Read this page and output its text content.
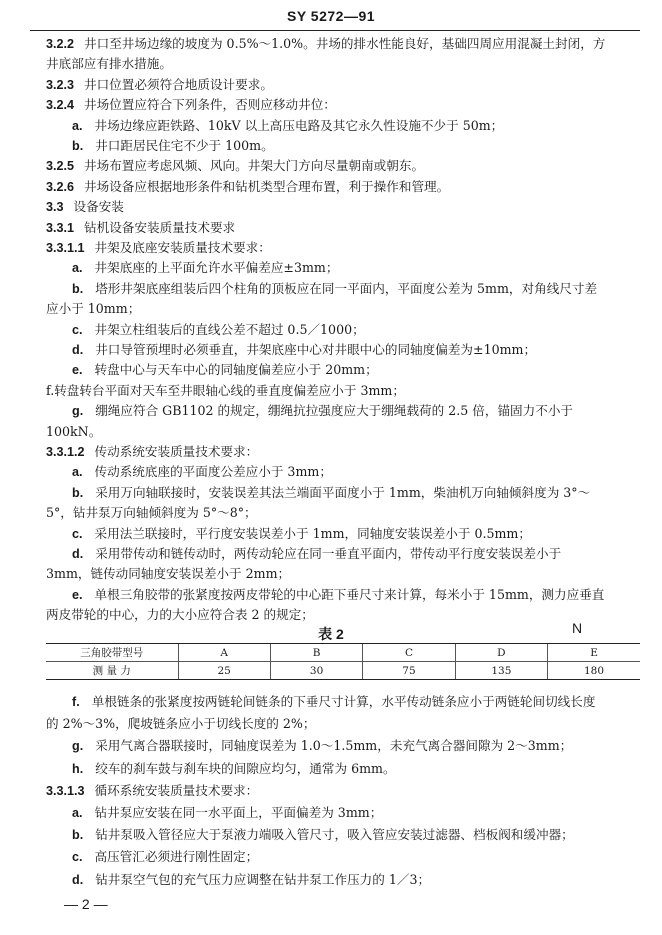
SY 5272—91
3.2.2 井口至井场边缘的坡度为 0.5%～1.0%。井场的排水性能良好，基础四周应用混凝土封闭，方
井底部应有排水措施。
3.2.3 井口位置必须符合地质设计要求。
3.2.4 井场位置应符合下列条件，否则应移动井位：
a. 井场边缘应距铁路、10kV 以上高压电路及其它永久性设施不少于 50m；
b. 井口距居民住宅不少于 100m。
3.2.5 井场布置应考虑风频、风向。井架大门方向尽量朝南或朝东。
3.2.6 井场设备应根据地形条件和钻机类型合理布置，利于操作和管理。
3.3 设备安装
3.3.1 钻机设备安装质量技术要求
3.3.1.1 井架及底座安装质量技术要求：
a. 井架底座的上平面允许水平偏差应±3mm；
b. 塔形井架底座组装后四个柱角的顶板应在同一平面内，平面度公差为 5mm，对角线尺寸差
应小于 10mm；
c. 井架立柱组装后的直线公差不超过 0.5／1000；
d. 井口导管预埋时必须垂直，井架底座中心对井眼中心的同轴度偏差为±10mm；
e. 转盘中心与天车中心的同轴度偏差应小于 20mm；
f.转盘转台平面对天车至井眼轴心线的垂直度偏差应小于 3mm；
g. 绷绳应符合 GB1102 的规定，绷绳抗拉强度应大于绷绳载荷的 2.5 倍，锚固力不小于
100kN。
3.3.1.2 传动系统安装质量技术要求：
a. 传动系统底座的平面度公差应小于 3mm；
b. 采用万向轴联接时，安装误差其法兰端面平面度小于 1mm，柴油机万向轴倾斜度为 3°～
5°，钻井泵万向轴倾斜度为 5°～8°；
c. 采用法兰联接时，平行度安装误差小于 1mm，同轴度安装误差小于 0.5mm；
d. 采用带传动和链传动时，两传动轮应在同一垂直平面内，带传动平行度安装误差小于
3mm，链传动同轴度安装误差小于 2mm；
e. 单根三角胶带的张紧度按两皮带轮的中心距下垂尺寸来计算，每米小于 15mm，测力应垂直
两皮带轮的中心，力的大小应符合表 2 的规定；
表 2	N
三角胶带型号	A	B	C	D	E
测 量 力	25	30	75	135	180
f. 单根链条的张紧度按两链轮间链条的下垂尺寸计算，水平传动链条应小于两链轮间切线长度
的 2%～3%，爬坡链条应小于切线长度的 2%；
g. 采用气离合器联接时，同轴度误差为 1.0～1.5mm，未充气离合器间隙为 2～3mm；
h. 绞车的刹车鼓与刹车块的间隙应均匀，通常为 6mm。
3.3.1.3 循环系统安装质量技术要求：
a. 钻井泵应安装在同一水平面上，平面偏差为 3mm；
b. 钻井泵吸入管径应大于泵液力端吸入管尺寸，吸入管应安装过滤器、档板阀和缓冲器；
c. 高压管汇必须进行刚性固定；
d. 钻井泵空气包的充气压力应调整在钻井泵工作压力的 1／3；
— 2 —
